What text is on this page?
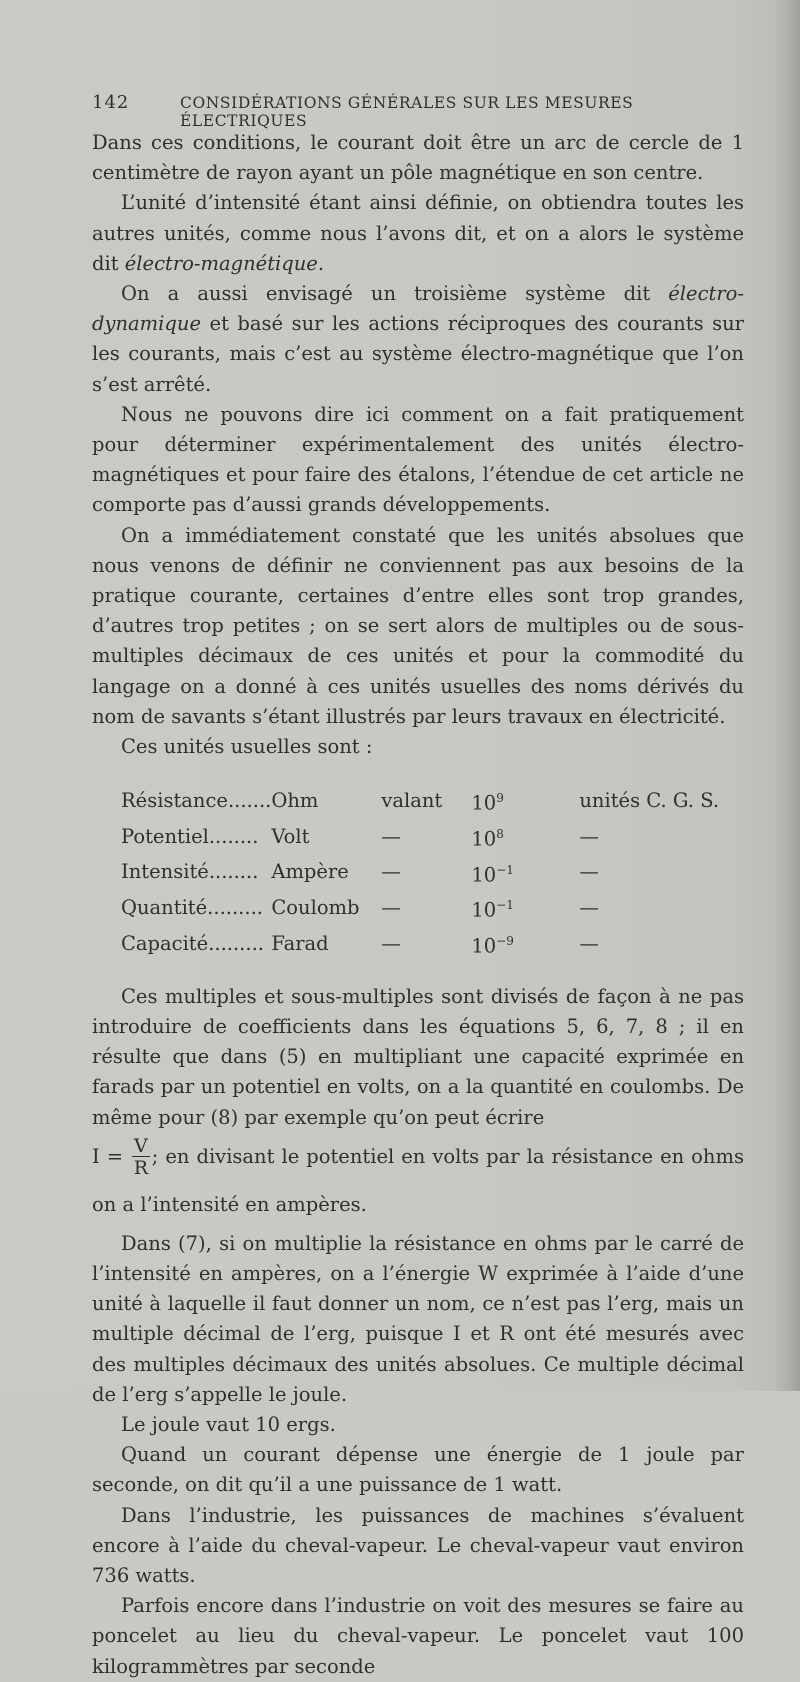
142	CONSIDÉRATIONS GÉNÉRALES SUR LES MESURES ÉLECTRIQUES

Dans ces conditions, le courant doit être un arc de cercle de 1 centimètre de rayon ayant un pôle magnétique en son centre.

L’unité d’intensité étant ainsi définie, on obtiendra toutes les autres unités, comme nous l’avons dit, et on a alors le système dit électro-magnétique.

On a aussi envisagé un troisième système dit électro-dynamique et basé sur les actions réciproques des courants sur les courants, mais c’est au système électro-magnétique que l’on s’est arrêté.

Nous ne pouvons dire ici comment on a fait pratiquement pour déterminer expérimentalement des unités électro-magnétiques et pour faire des étalons, l’étendue de cet article ne comporte pas d’aussi grands développements.

On a immédiatement constaté que les unités absolues que nous venons de définir ne conviennent pas aux besoins de la pratique courante, certaines d’entre elles sont trop grandes, d’autres trop petites ; on se sert alors de multiples ou de sous-multiples décimaux de ces unités et pour la commodité du langage on a donné à ces unités usuelles des noms dérivés du nom de savants s’étant illustrés par leurs travaux en électricité.

Ces unités usuelles sont :

Résistance.......	Ohm	valant	$10^9$	unités C. G. S.
Potentiel........	Volt	—	$10^8$	—
Intensité........	Ampère	—	$10^{-1}$	—
Quantité.........	Coulomb	—	$10^{-1}$	—
Capacité.........	Farad	—	$10^{-9}$	—

Ces multiples et sous-multiples sont divisés de façon à ne pas introduire de coefficients dans les équations 5, 6, 7, 8 ; il en résulte que dans (5) en multipliant une capacité exprimée en farads par un potentiel en volts, on a la quantité en coulombs. De même pour (8) par exemple qu’on peut écrire

$I = \frac{V}{R}$ ; en divisant le potentiel en volts par la résistance en ohms on a l’intensité en ampères.

Dans (7), si on multiplie la résistance en ohms par le carré de l’intensité en ampères, on a l’énergie W exprimée à l’aide d’une unité à laquelle il faut donner un nom, ce n’est pas l’erg, mais un multiple décimal de l’erg, puisque I et R ont été mesurés avec des multiples décimaux des unités absolues. Ce multiple décimal de l’erg s’appelle le joule.

Le joule vaut 10 ergs.

Quand un courant dépense une énergie de 1 joule par seconde, on dit qu’il a une puissance de 1 watt.

Dans l’industrie, les puissances de machines s’évaluent encore à l’aide du cheval-vapeur. Le cheval-vapeur vaut environ 736 watts.

Parfois encore dans l’industrie on voit des mesures se faire au poncelet au lieu du cheval-vapeur. Le poncelet vaut 100 kilogrammètres par seconde
